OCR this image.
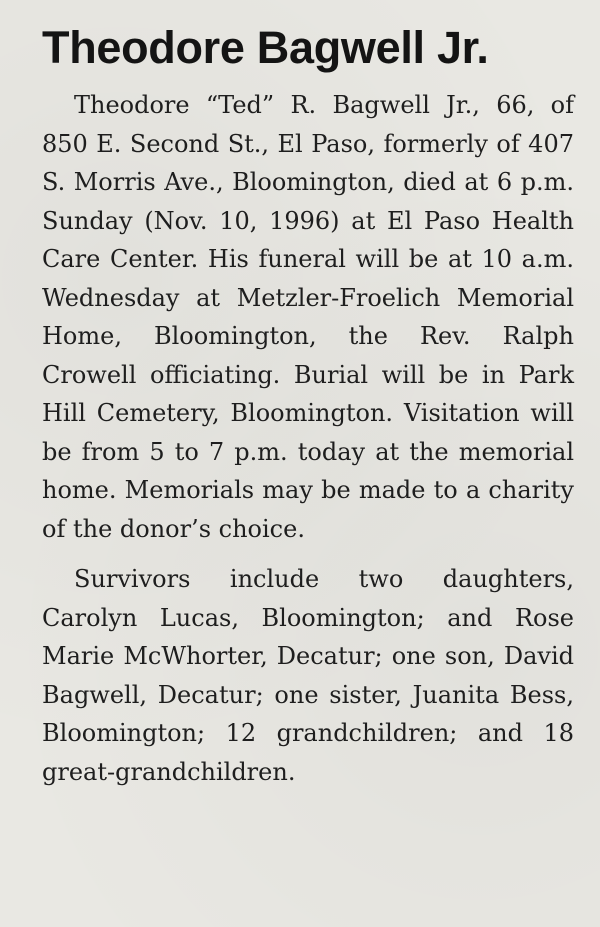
Theodore Bagwell Jr.

Theodore “Ted” R. Bagwell Jr., 66, of 850 E. Second St., El Paso, formerly of 407 S. Morris Ave., Bloomington, died at 6 p.m. Sunday (Nov. 10, 1996) at El Paso Health Care Center. His funeral will be at 10 a.m. Wednesday at Metzler-Froelich Memorial Home, Bloomington, the Rev. Ralph Crowell officiating. Burial will be in Park Hill Cemetery, Bloomington. Visitation will be from 5 to 7 p.m. today at the memorial home. Memorials may be made to a charity of the donor’s choice.

Survivors include two daughters, Carolyn Lucas, Bloomington; and Rose Marie McWhorter, Decatur; one son, David Bagwell, Decatur; one sister, Juanita Bess, Bloomington; 12 grandchildren; and 18 great-grandchildren.
